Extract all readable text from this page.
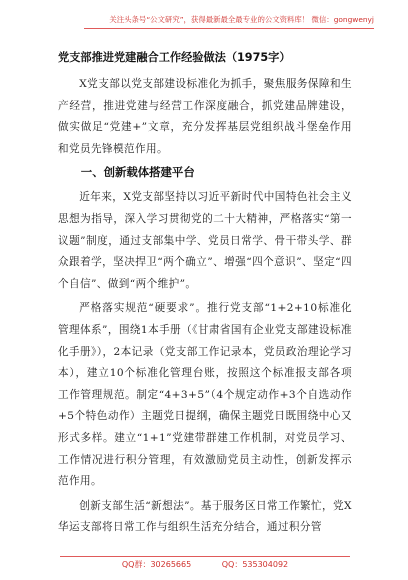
关注头条号“公文研究”，获得最新最全最专业的公文资料库！ 微信：gongwenyj
党支部推进党建融合工作经验做法（1975字）

X党支部以党支部建设标准化为抓手，聚焦服务保障和生产经营，推进党建与经营工作深度融合，抓党建品牌建设，做实做足“党建+”文章，充分发挥基层党组织战斗堡垒作用和党员先锋模范作用。

一、创新载体搭建平台

近年来，X党支部坚持以习近平新时代中国特色社会主义思想为指导，深入学习贯彻党的二十大精神，严格落实“第一议题”制度，通过支部集中学、党员日常学、骨干带头学、群众跟着学，坚决捍卫“两个确立”、增强“四个意识”、坚定“四个自信”、做到“两个维护”。

严格落实规范“硬要求”。推行党支部“1+2+10标准化管理体系”，围绕1本手册（《甘肃省国有企业党支部建设标准化手册》），2本记录（党支部工作记录本，党员政治理论学习本），建立10个标准化管理台账，按照这个标准报支部各项工作管理规范。制定“4+3+5”（4个规定动作+3个自选动作+5个特色动作）主题党日提纲，确保主题党日既围绕中心又形式多样。建立“1+1”党建带群建工作机制，对党员学习、工作情况进行积分管理，有效激励党员主动性，创新发挥示范作用。

创新支部生活“新想法”。基于服务区日常工作繁忙，党X华运支部将日常工作与组织生活充分结合，通过积分管

QQ群：30265665	QQ：535304092
